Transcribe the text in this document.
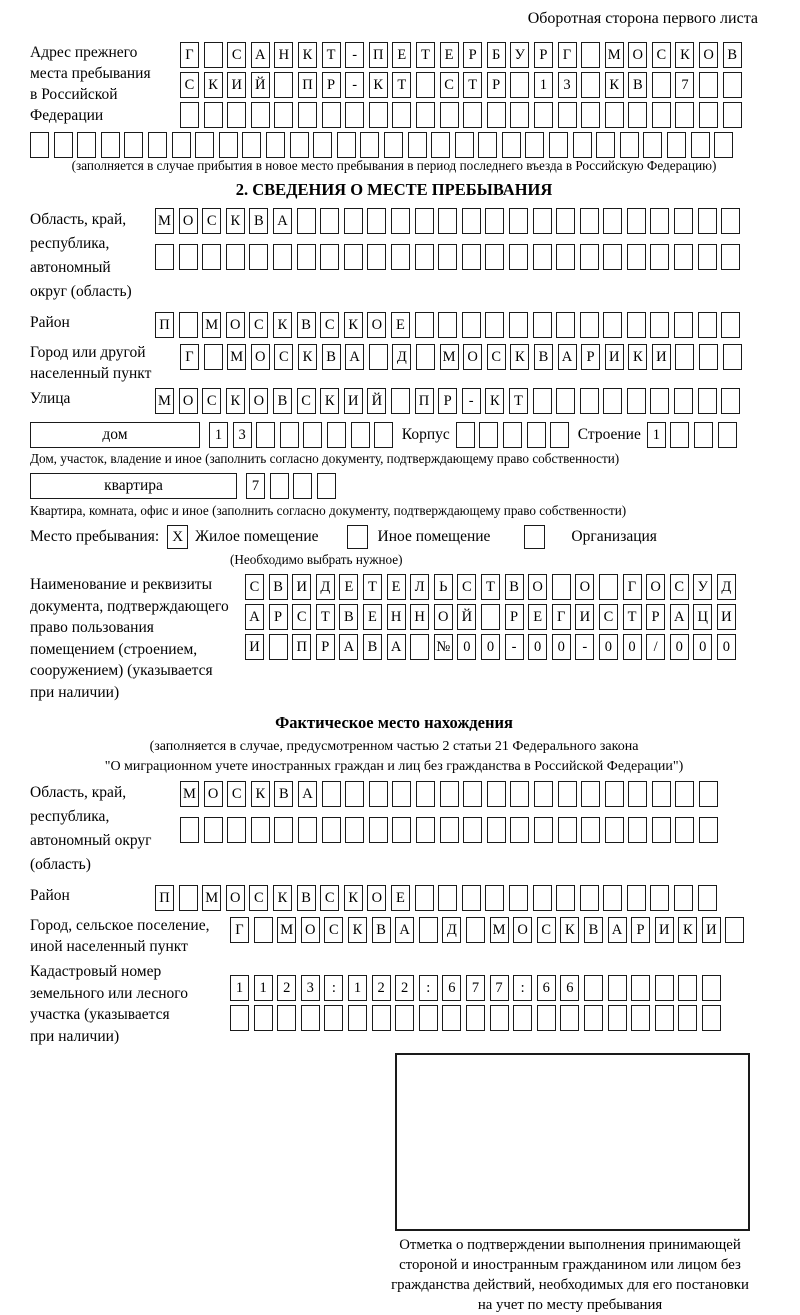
Оборотная сторона первого листа
Адрес прежнего
места пребывания
в Российской
Федерации
Г	С А Н К Т	-	П Е	Т	Е	Р	Б У Р	Г	М О С К О В
С К И Й	П Р	-	К Т	С Т	Р	1	3	К В	7
(заполняется в случае прибытия в новое место пребывания в период последнего въезда в Российскую Федерацию)
2. СВЕДЕНИЯ О МЕСТЕ ПРЕБЫВАНИЯ
Область, край,
республика,
автономный
округ (область)
М О С К В А
Район	П М О С К В С К О Е
Город или другой
населенный пункт
Г	М О С К В А	Д	М О С К В А Р И К И
Улица	М О С К О В С К И Й	П Р	-	К Т
дом	1	3	Корпус	Строение 1
Дом, участок, владение и иное (заполнить согласно документу, подтверждающему право собственности)
квартира	7
Квартира, комната, офис и иное (заполнить согласно документу, подтверждающему право собственности)
Место пребывания: X Жилое помещение	Иное помещение	Организация
(Необходимо выбрать нужное)
Наименование и реквизиты
документа, подтверждающего
право пользования
помещением (строением,
сооружением) (указывается
при наличии)
С В И Д Е	Т	Е Л	Ь	С Т В О	О	Г О С У Д
А Р	С Т В Е Н Н О Й	Р	Е	Г И С Т	Р А Ц И
И	П Р А В А № 0	0	-	0	0	-	0	0	/	0	0	0
Фактическое место нахождения
(заполняется в случае, предусмотренном частью 2 статьи 21 Федерального закона
"О миграционном учете иностранных граждан и лиц без гражданства в Российской Федерации")
Область, край,
республика,
автономный округ
(область)
М О С К В А
Район	П М О С К В С К О Е
Город, сельское поселение,
иной населенный пункт
Г	М О С К В А	Д	М О С К В А Р И К И
Кадастровый номер
земельного или лесного
участка (указывается
при наличии)
1	1	2	3	:	1	2	2	:	6	7	7	:	6	6
Отметка о подтверждении выполнения принимающей
стороной и иностранным гражданином или лицом без
гражданства действий, необходимых для его постановки
на учет по месту пребывания
